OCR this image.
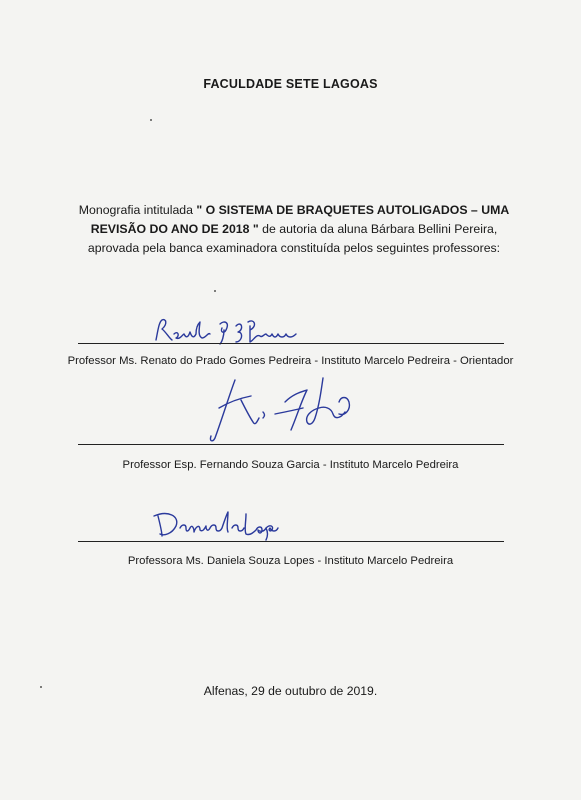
FACULDADE SETE LAGOAS
Monografia intitulada " O SISTEMA DE BRAQUETES AUTOLIGADOS – UMA REVISÃO DO ANO DE 2018 " de autoria da aluna Bárbara Bellini Pereira, aprovada pela banca examinadora constituída pelos seguintes professores:
Professor Ms. Renato do Prado Gomes Pedreira - Instituto Marcelo Pedreira - Orientador
Professor Esp. Fernando Souza Garcia - Instituto Marcelo Pedreira
Professora Ms. Daniela Souza Lopes - Instituto Marcelo Pedreira
Alfenas, 29 de outubro de 2019.
